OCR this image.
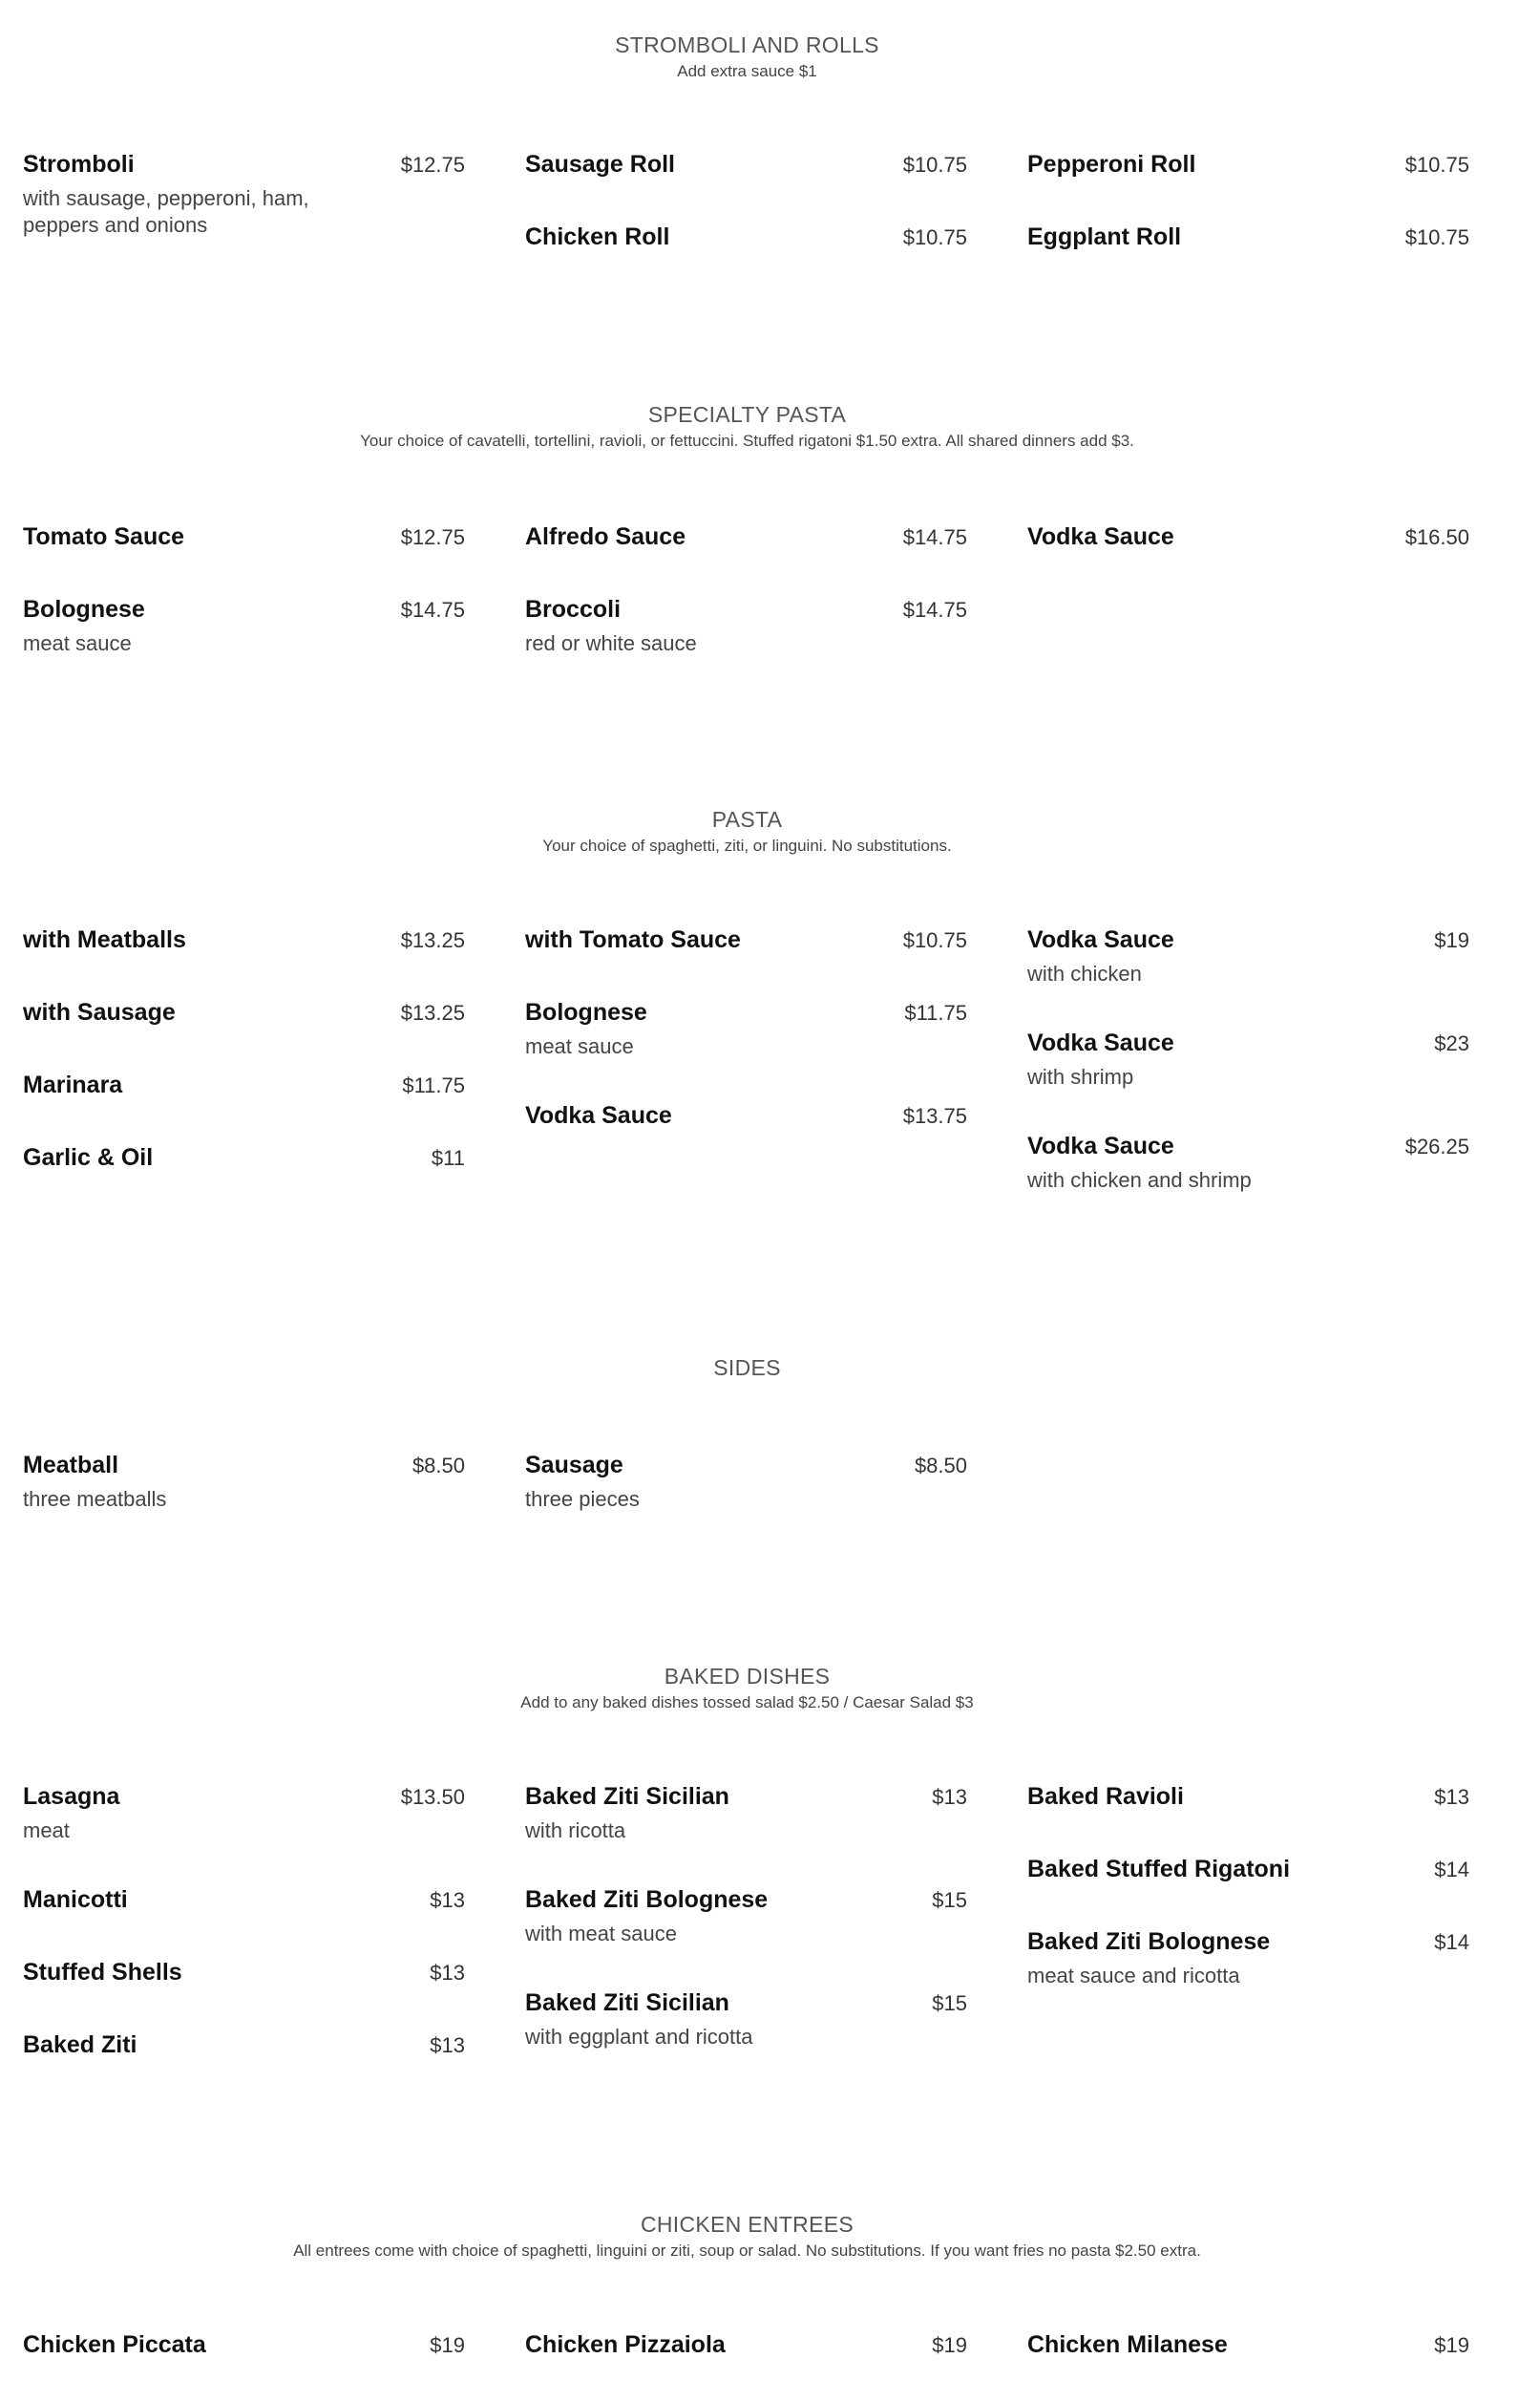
STROMBOLI AND ROLLS

Add extra sauce $1

Stromboli	$12.75
with sausage, pepperoni, ham, peppers and onions
Sausage Roll	$10.75
Chicken Roll	$10.75
Pepperoni Roll	$10.75
Eggplant Roll	$10.75
SPECIALTY PASTA

Your choice of cavatelli, tortellini, ravioli, or fettuccini. Stuffed rigatoni $1.50 extra. All shared dinners add $3.

Tomato Sauce	$12.75
Bolognese	$14.75
meat sauce
Alfredo Sauce	$14.75
Broccoli	$14.75
red or white sauce
Vodka Sauce	$16.50
PASTA

Your choice of spaghetti, ziti, or linguini. No substitutions.

with Meatballs	$13.25
with Sausage	$13.25
Marinara	$11.75
Garlic & Oil	$11
with Tomato Sauce	$10.75
Bolognese	$11.75
meat sauce
Vodka Sauce	$13.75
Vodka Sauce	$19
with chicken
Vodka Sauce	$23
with shrimp
Vodka Sauce	$26.25
with chicken and shrimp
SIDES
Meatball	$8.50
three meatballs
Sausage	$8.50
three pieces
BAKED DISHES

Add to any baked dishes tossed salad $2.50 / Caesar Salad $3

Lasagna	$13.50
meat
Manicotti	$13
Stuffed Shells	$13
Baked Ziti	$13
Baked Ziti Sicilian	$13
with ricotta
Baked Ziti Bolognese	$15
with meat sauce
Baked Ziti Sicilian	$15
with eggplant and ricotta
Baked Ravioli	$13
Baked Stuffed Rigatoni	$14
Baked Ziti Bolognese	$14
meat sauce and ricotta
CHICKEN ENTREES

All entrees come with choice of spaghetti, linguini or ziti, soup or salad. No substitutions. If you want fries no pasta $2.50 extra.

Chicken Piccata	$19	Chicken Pizzaiola	$19	Chicken Milanese	$19
